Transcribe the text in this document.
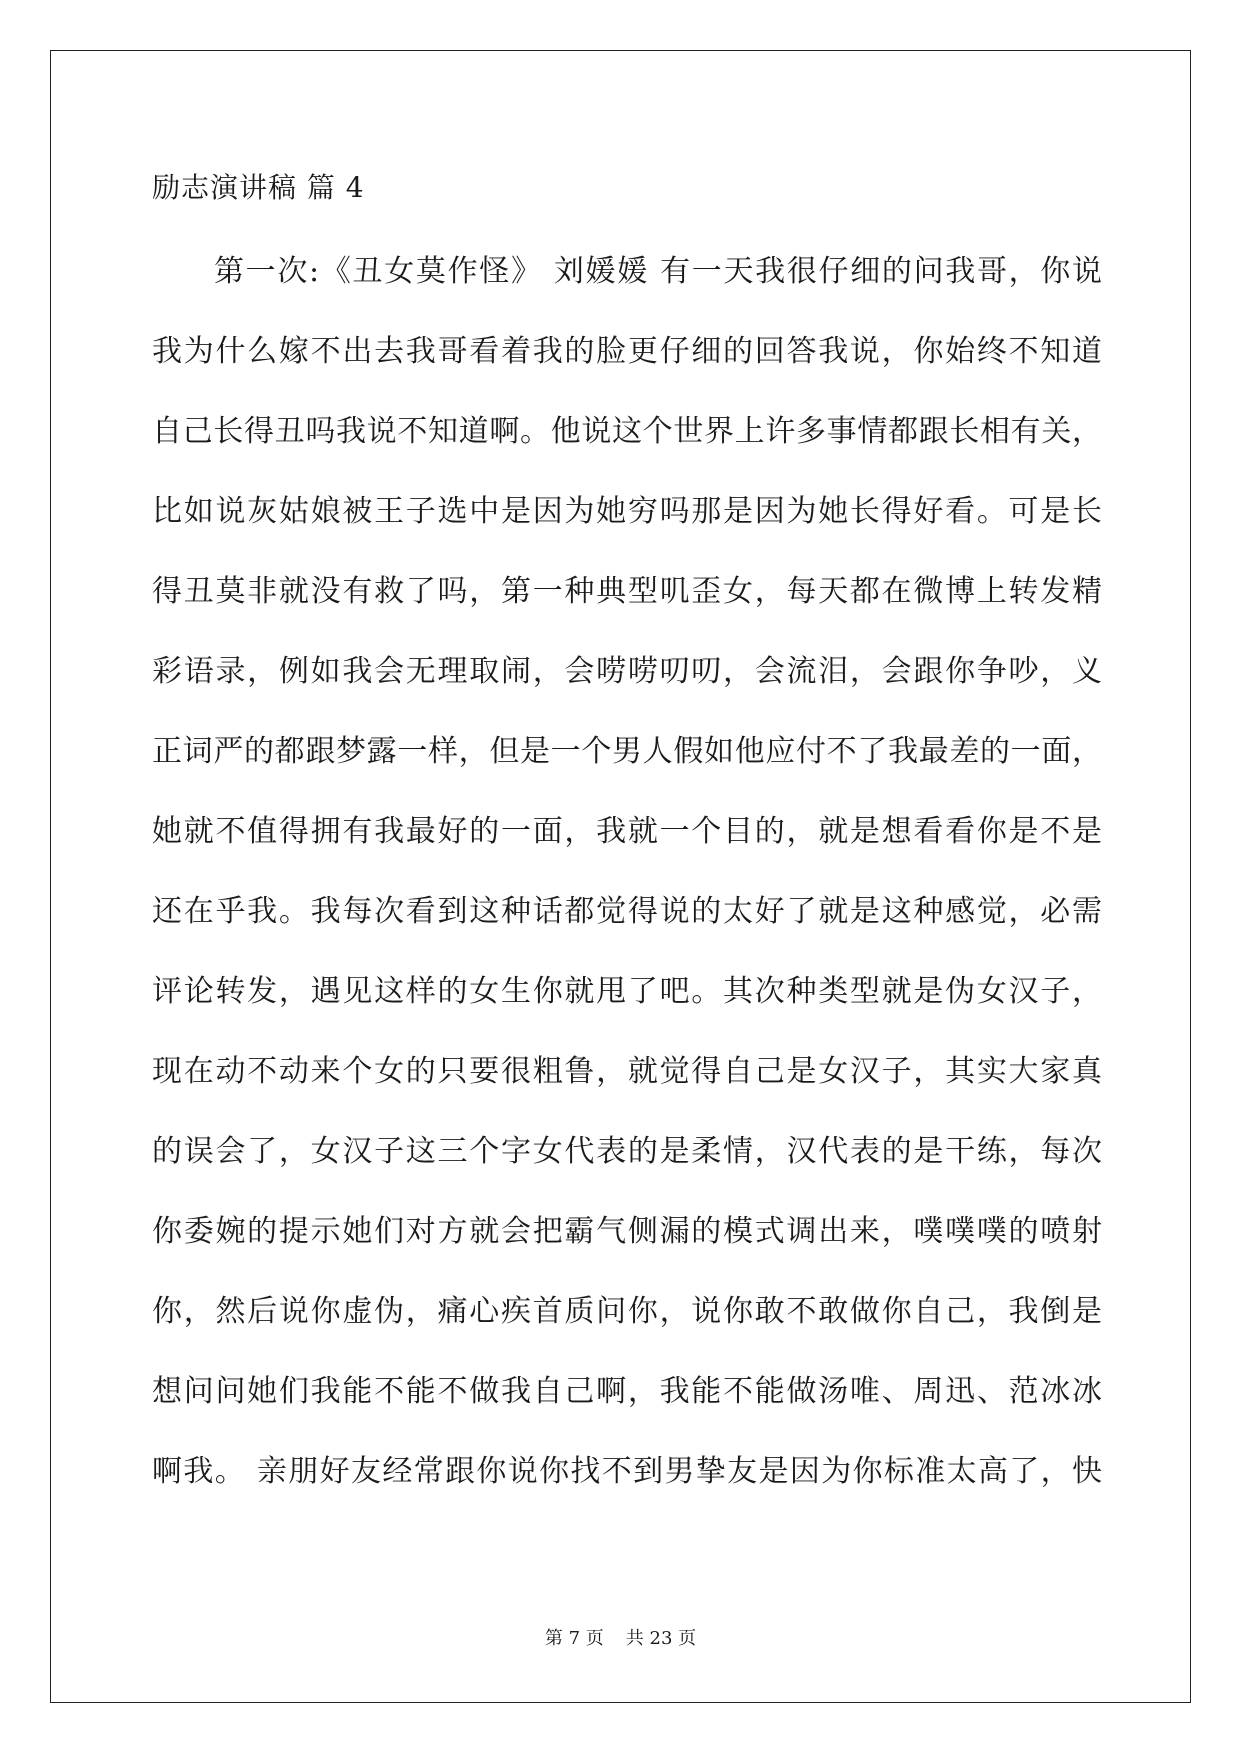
励志演讲稿 篇 4
第一次:《丑女莫作怪》 刘媛媛 有一天我很仔细的问我哥，你说
我为什么嫁不出去我哥看着我的脸更仔细的回答我说，你始终不知道
自己长得丑吗我说不知道啊。他说这个世界上许多事情都跟长相有关，
比如说灰姑娘被王子选中是因为她穷吗那是因为她长得好看。可是长
得丑莫非就没有救了吗，第一种典型叽歪女，每天都在微博上转发精
彩语录，例如我会无理取闹，会唠唠叨叨，会流泪，会跟你争吵，义
正词严的都跟梦露一样，但是一个男人假如他应付不了我最差的一面，
她就不值得拥有我最好的一面，我就一个目的，就是想看看你是不是
还在乎我。我每次看到这种话都觉得说的太好了就是这种感觉，必需
评论转发，遇见这样的女生你就甩了吧。其次种类型就是伪女汉子，
现在动不动来个女的只要很粗鲁，就觉得自己是女汉子，其实大家真
的误会了，女汉子这三个字女代表的是柔情，汉代表的是干练，每次
你委婉的提示她们对方就会把霸气侧漏的模式调出来，噗噗噗的喷射
你，然后说你虚伪，痛心疾首质问你，说你敢不敢做你自己，我倒是
想问问她们我能不能不做我自己啊，我能不能做汤唯、周迅、范冰冰
啊我。 亲朋好友经常跟你说你找不到男挚友是因为你标准太高了，快
第 7 页 共 23 页
